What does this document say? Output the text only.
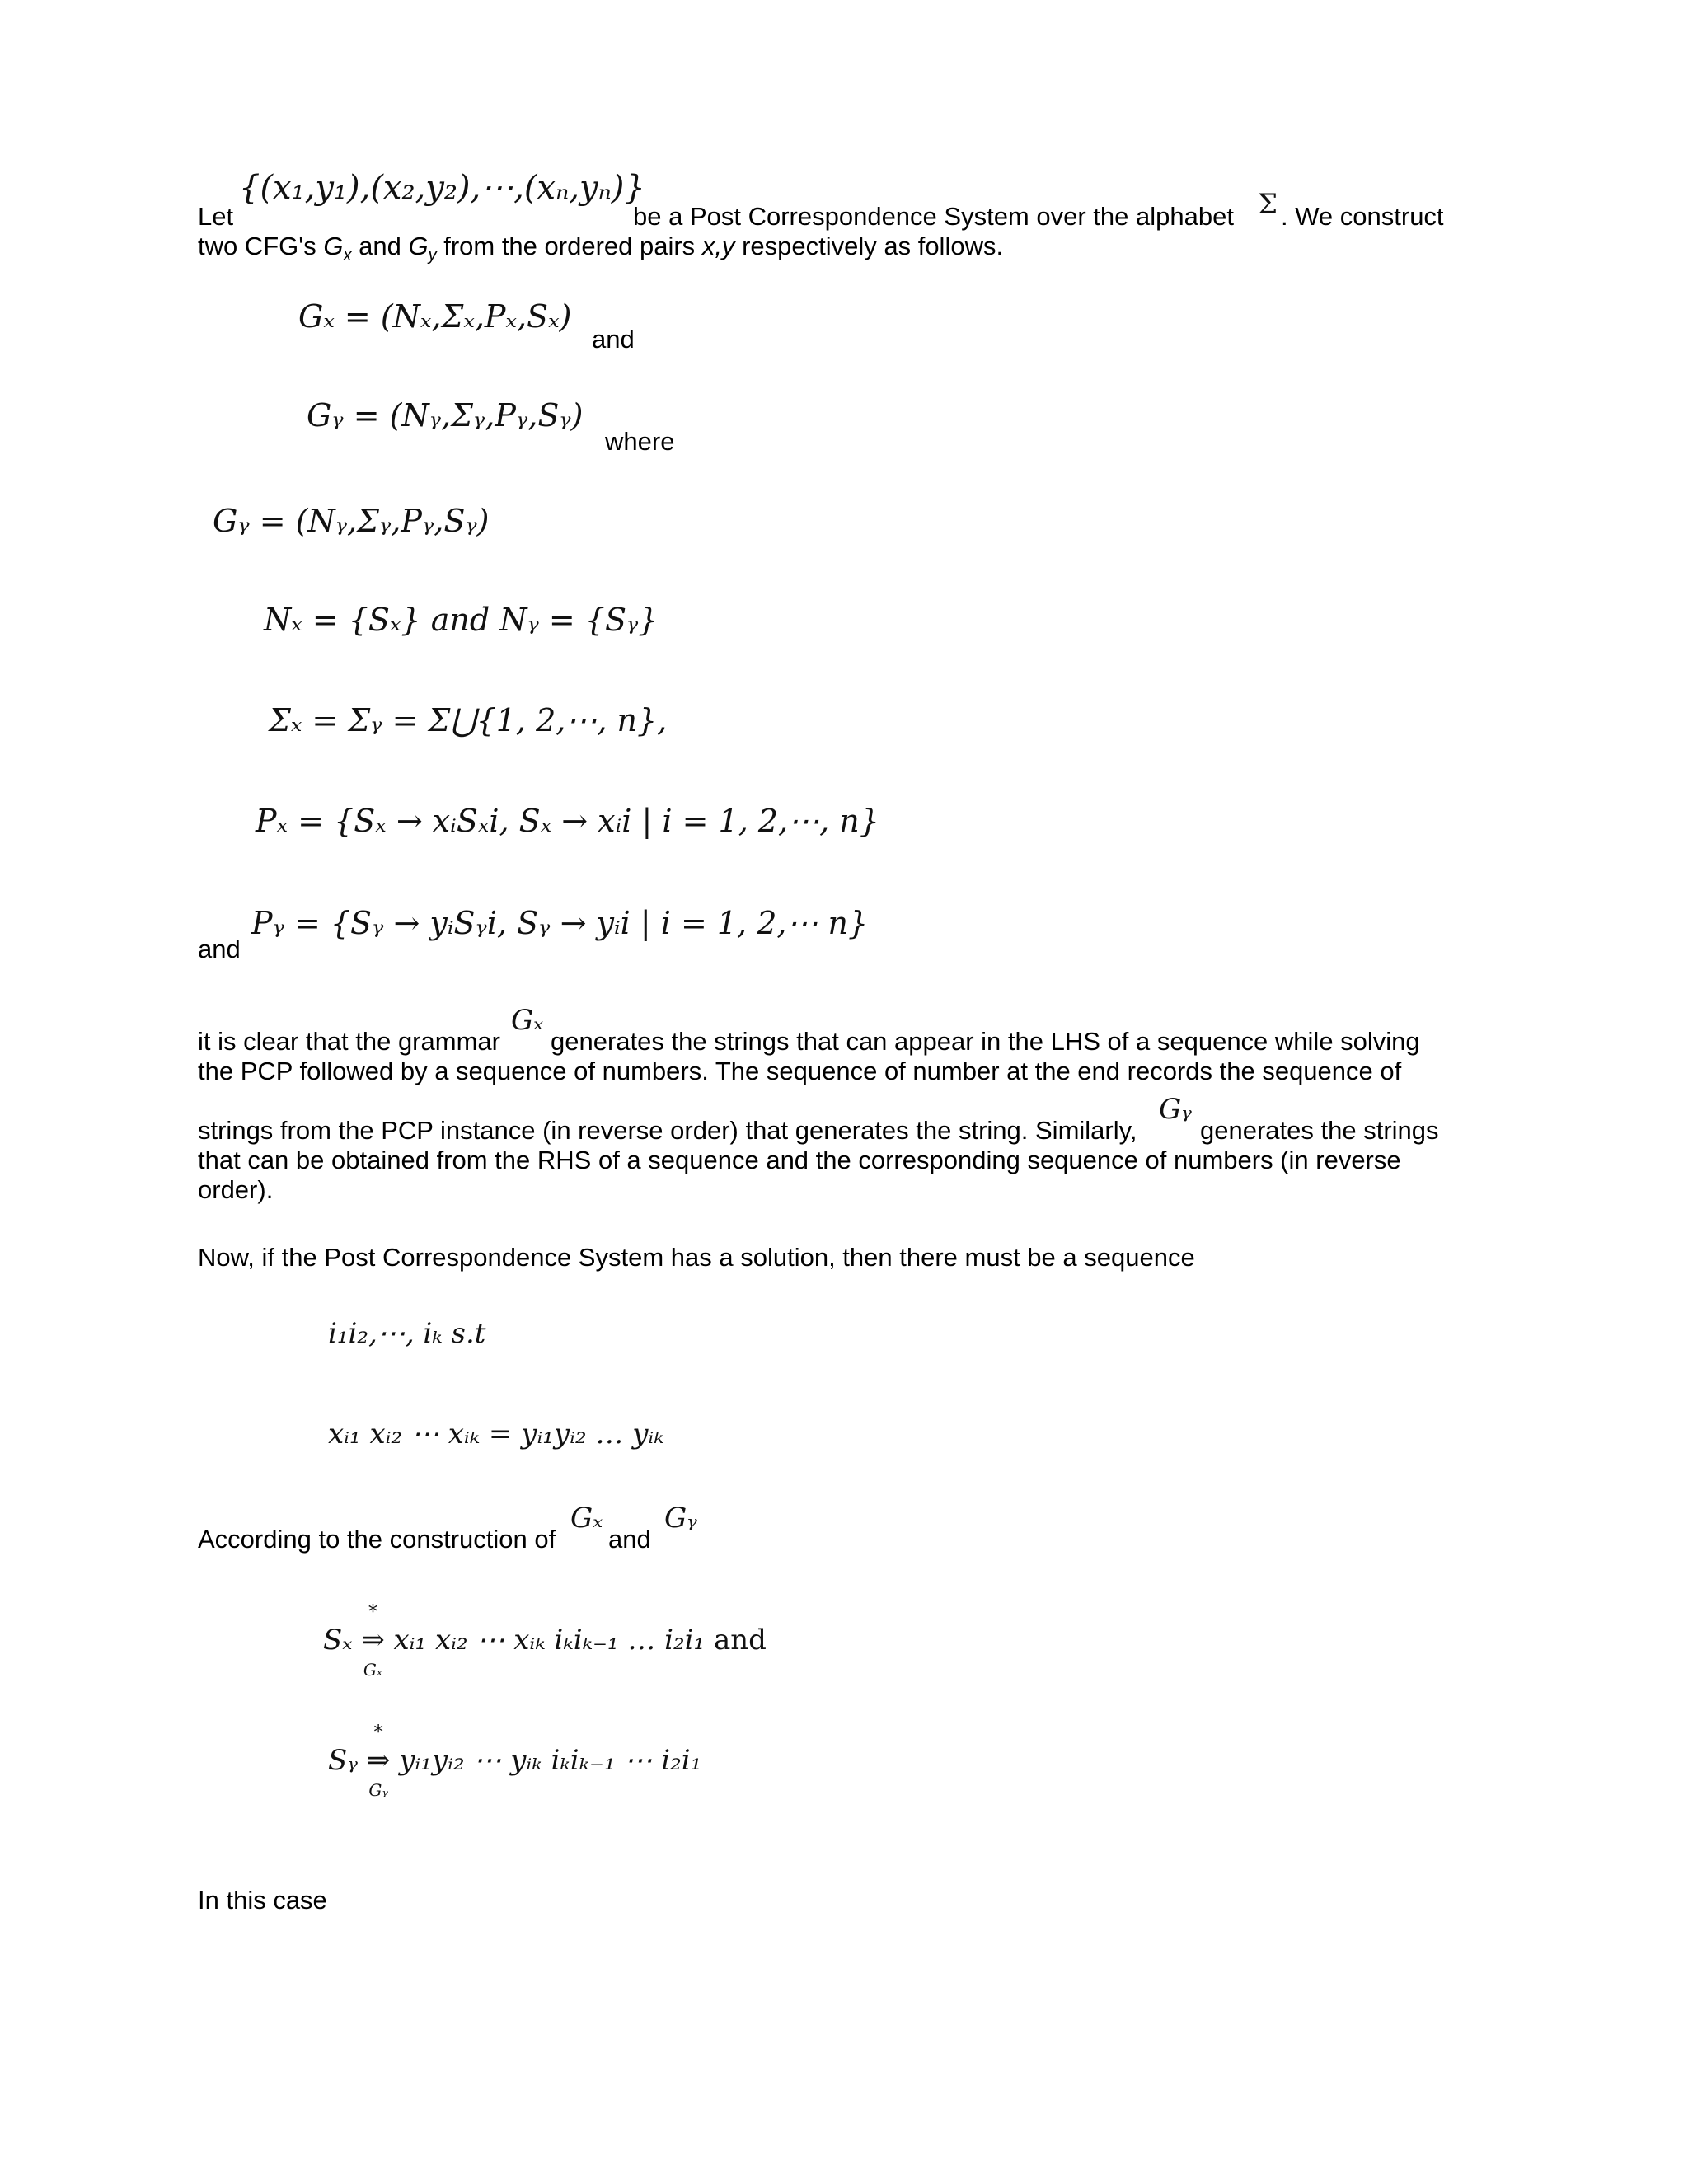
Let
{(x₁,y₁),(x₂,y₂),⋯,(xₙ,yₙ)}
be a Post Correspondence System over the alphabet Σ . We construct
two CFG's $G_x$ and $G_y$ from the ordered pairs x,y respectively as follows.
Gₓ = (Nₓ,Σₓ,Pₓ,Sₓ)
and
Gᵧ = (Nᵧ,Σᵧ,Pᵧ,Sᵧ)
where
Gᵧ = (Nᵧ,Σᵧ,Pᵧ,Sᵧ)
Nₓ = {Sₓ} and Nᵧ = {Sᵧ}
Σₓ = Σᵧ = Σ⋃{1, 2,⋯, n},
Pₓ = {Sₓ → xᵢSₓi, Sₓ → xᵢi | i = 1, 2,⋯, n}
and
Pᵧ = {Sᵧ → yᵢSᵧi, Sᵧ → yᵢi | i = 1, 2,⋯ n}
it is clear that the grammar
Gₓ
generates the strings that can appear in the LHS of a sequence while solving
the PCP followed by a sequence of numbers. The sequence of number at the end records the sequence of
strings from the PCP instance (in reverse order) that generates the string. Similarly,
Gᵧ
generates the strings
that can be obtained from the RHS of a sequence and the corresponding sequence of numbers (in reverse
order).
Now, if the Post Correspondence System has a solution, then there must be a sequence
i₁i₂,⋯, iₖ s.t
xᵢ₁ xᵢ₂ ⋯ xᵢₖ = yᵢ₁yᵢ₂ … yᵢₖ
According to the construction of
Gₓ
and
Gᵧ
Sₓ
*
⇒
Gₓ
xᵢ₁ xᵢ₂ ⋯ xᵢₖ iₖiₖ₋₁ … i₂i₁ and
Sᵧ
*
⇒
Gᵧ
yᵢ₁yᵢ₂ ⋯ yᵢₖ iₖiₖ₋₁ ⋯ i₂i₁
In this case
